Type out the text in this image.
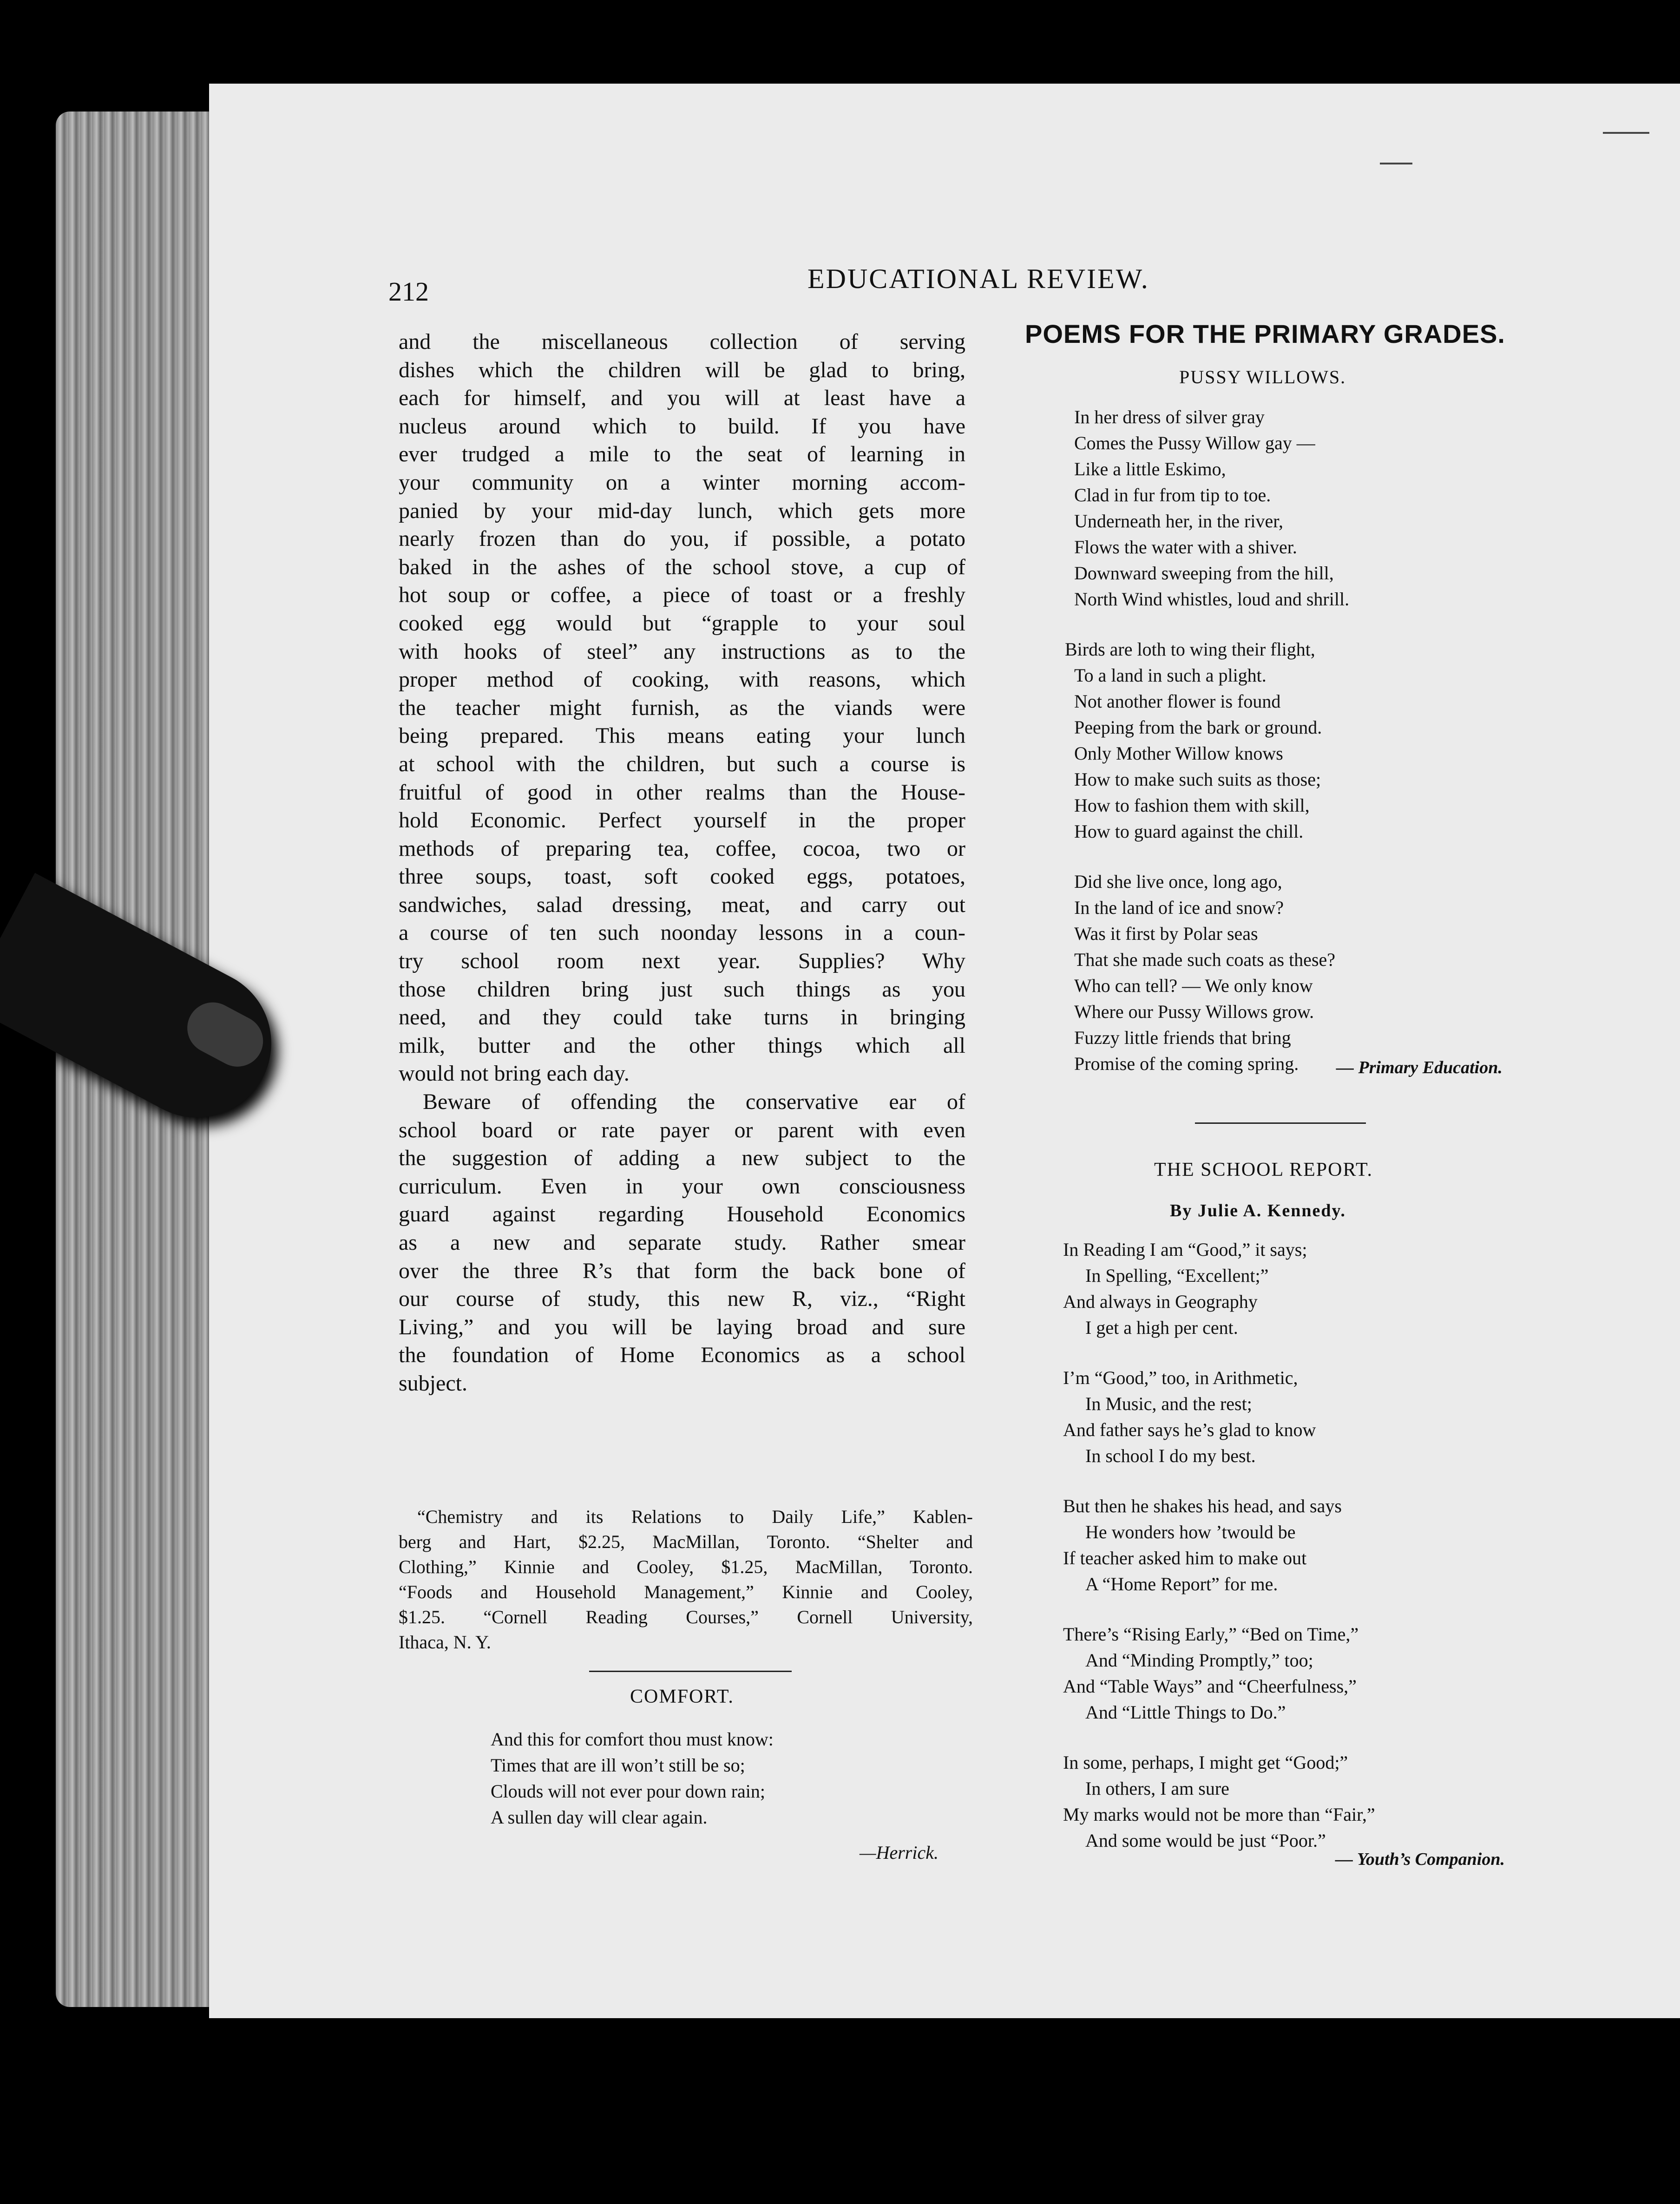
212	EDUCATIONAL REVIEW.
and the miscellaneous collection of serving
dishes which the children will be glad to bring,
each for himself, and you will at least have a
nucleus around which to build. If you have
ever trudged a mile to the seat of learning in
your community on a winter morning accom-
panied by your mid-day lunch, which gets more
nearly frozen than do you, if possible, a potato
baked in the ashes of the school stove, a cup of
hot soup or coffee, a piece of toast or a freshly
cooked egg would but “grapple to your soul
with hooks of steel” any instructions as to the
proper method of cooking, with reasons, which
the teacher might furnish, as the viands were
being prepared. This means eating your lunch
at school with the children, but such a course is
fruitful of good in other realms than the House-
hold Economic. Perfect yourself in the proper
methods of preparing tea, coffee, cocoa, two or
three soups, toast, soft cooked eggs, potatoes,
sandwiches, salad dressing, meat, and carry out
a course of ten such noonday lessons in a coun-
try school room next year. Supplies? Why
those children bring just such things as you
need, and they could take turns in bringing
milk, butter and the other things which all
would not bring each day.
Beware of offending the conservative ear of
school board or rate payer or parent with even
the suggestion of adding a new subject to the
curriculum. Even in your own consciousness
guard against regarding Household Economics
as a new and separate study. Rather smear
over the three R’s that form the back bone of
our course of study, this new R, viz., “Right
Living,” and you will be laying broad and sure
the foundation of Home Economics as a school
subject.
“Chemistry and its Relations to Daily Life,” Kablen-
berg and Hart, $2.25, MacMillan, Toronto. “Shelter and
Clothing,” Kinnie and Cooley, $1.25, MacMillan, Toronto.
“Foods and Household Management,” Kinnie and Cooley,
$1.25. “Cornell Reading Courses,” Cornell University,
Ithaca, N. Y.
COMFORT.
And this for comfort thou must know:
Times that are ill won’t still be so;
Clouds will not ever pour down rain;
A sullen day will clear again.
—Herrick.
POEMS FOR THE PRIMARY GRADES.
PUSSY WILLOWS.
In her dress of silver gray
Comes the Pussy Willow gay —
Like a little Eskimo,
Clad in fur from tip to toe.
Underneath her, in the river,
Flows the water with a shiver.
Downward sweeping from the hill,
North Wind whistles, loud and shrill.
Birds are loth to wing their flight,
To a land in such a plight.
Not another flower is found
Peeping from the bark or ground.
Only Mother Willow knows
How to make such suits as those;
How to fashion them with skill,
How to guard against the chill.
Did she live once, long ago,
In the land of ice and snow?
Was it first by Polar seas
That she made such coats as these?
Who can tell? — We only know
Where our Pussy Willows grow.
Fuzzy little friends that bring
Promise of the coming spring.	— Primary Education.
THE SCHOOL REPORT.
By Julie A. Kennedy.
In Reading I am “Good,” it says;
In Spelling, “Excellent;”
And always in Geography
I get a high per cent.
I’m “Good,” too, in Arithmetic,
In Music, and the rest;
And father says he’s glad to know
In school I do my best.
But then he shakes his head, and says
He wonders how ’twould be
If teacher asked him to make out
A “Home Report” for me.
There’s “Rising Early,” “Bed on Time,”
And “Minding Promptly,” too;
And “Table Ways” and “Cheerfulness,”
And “Little Things to Do.”
In some, perhaps, I might get “Good;”
In others, I am sure
My marks would not be more than “Fair,”
And some would be just “Poor.”
— Youth’s Companion.
